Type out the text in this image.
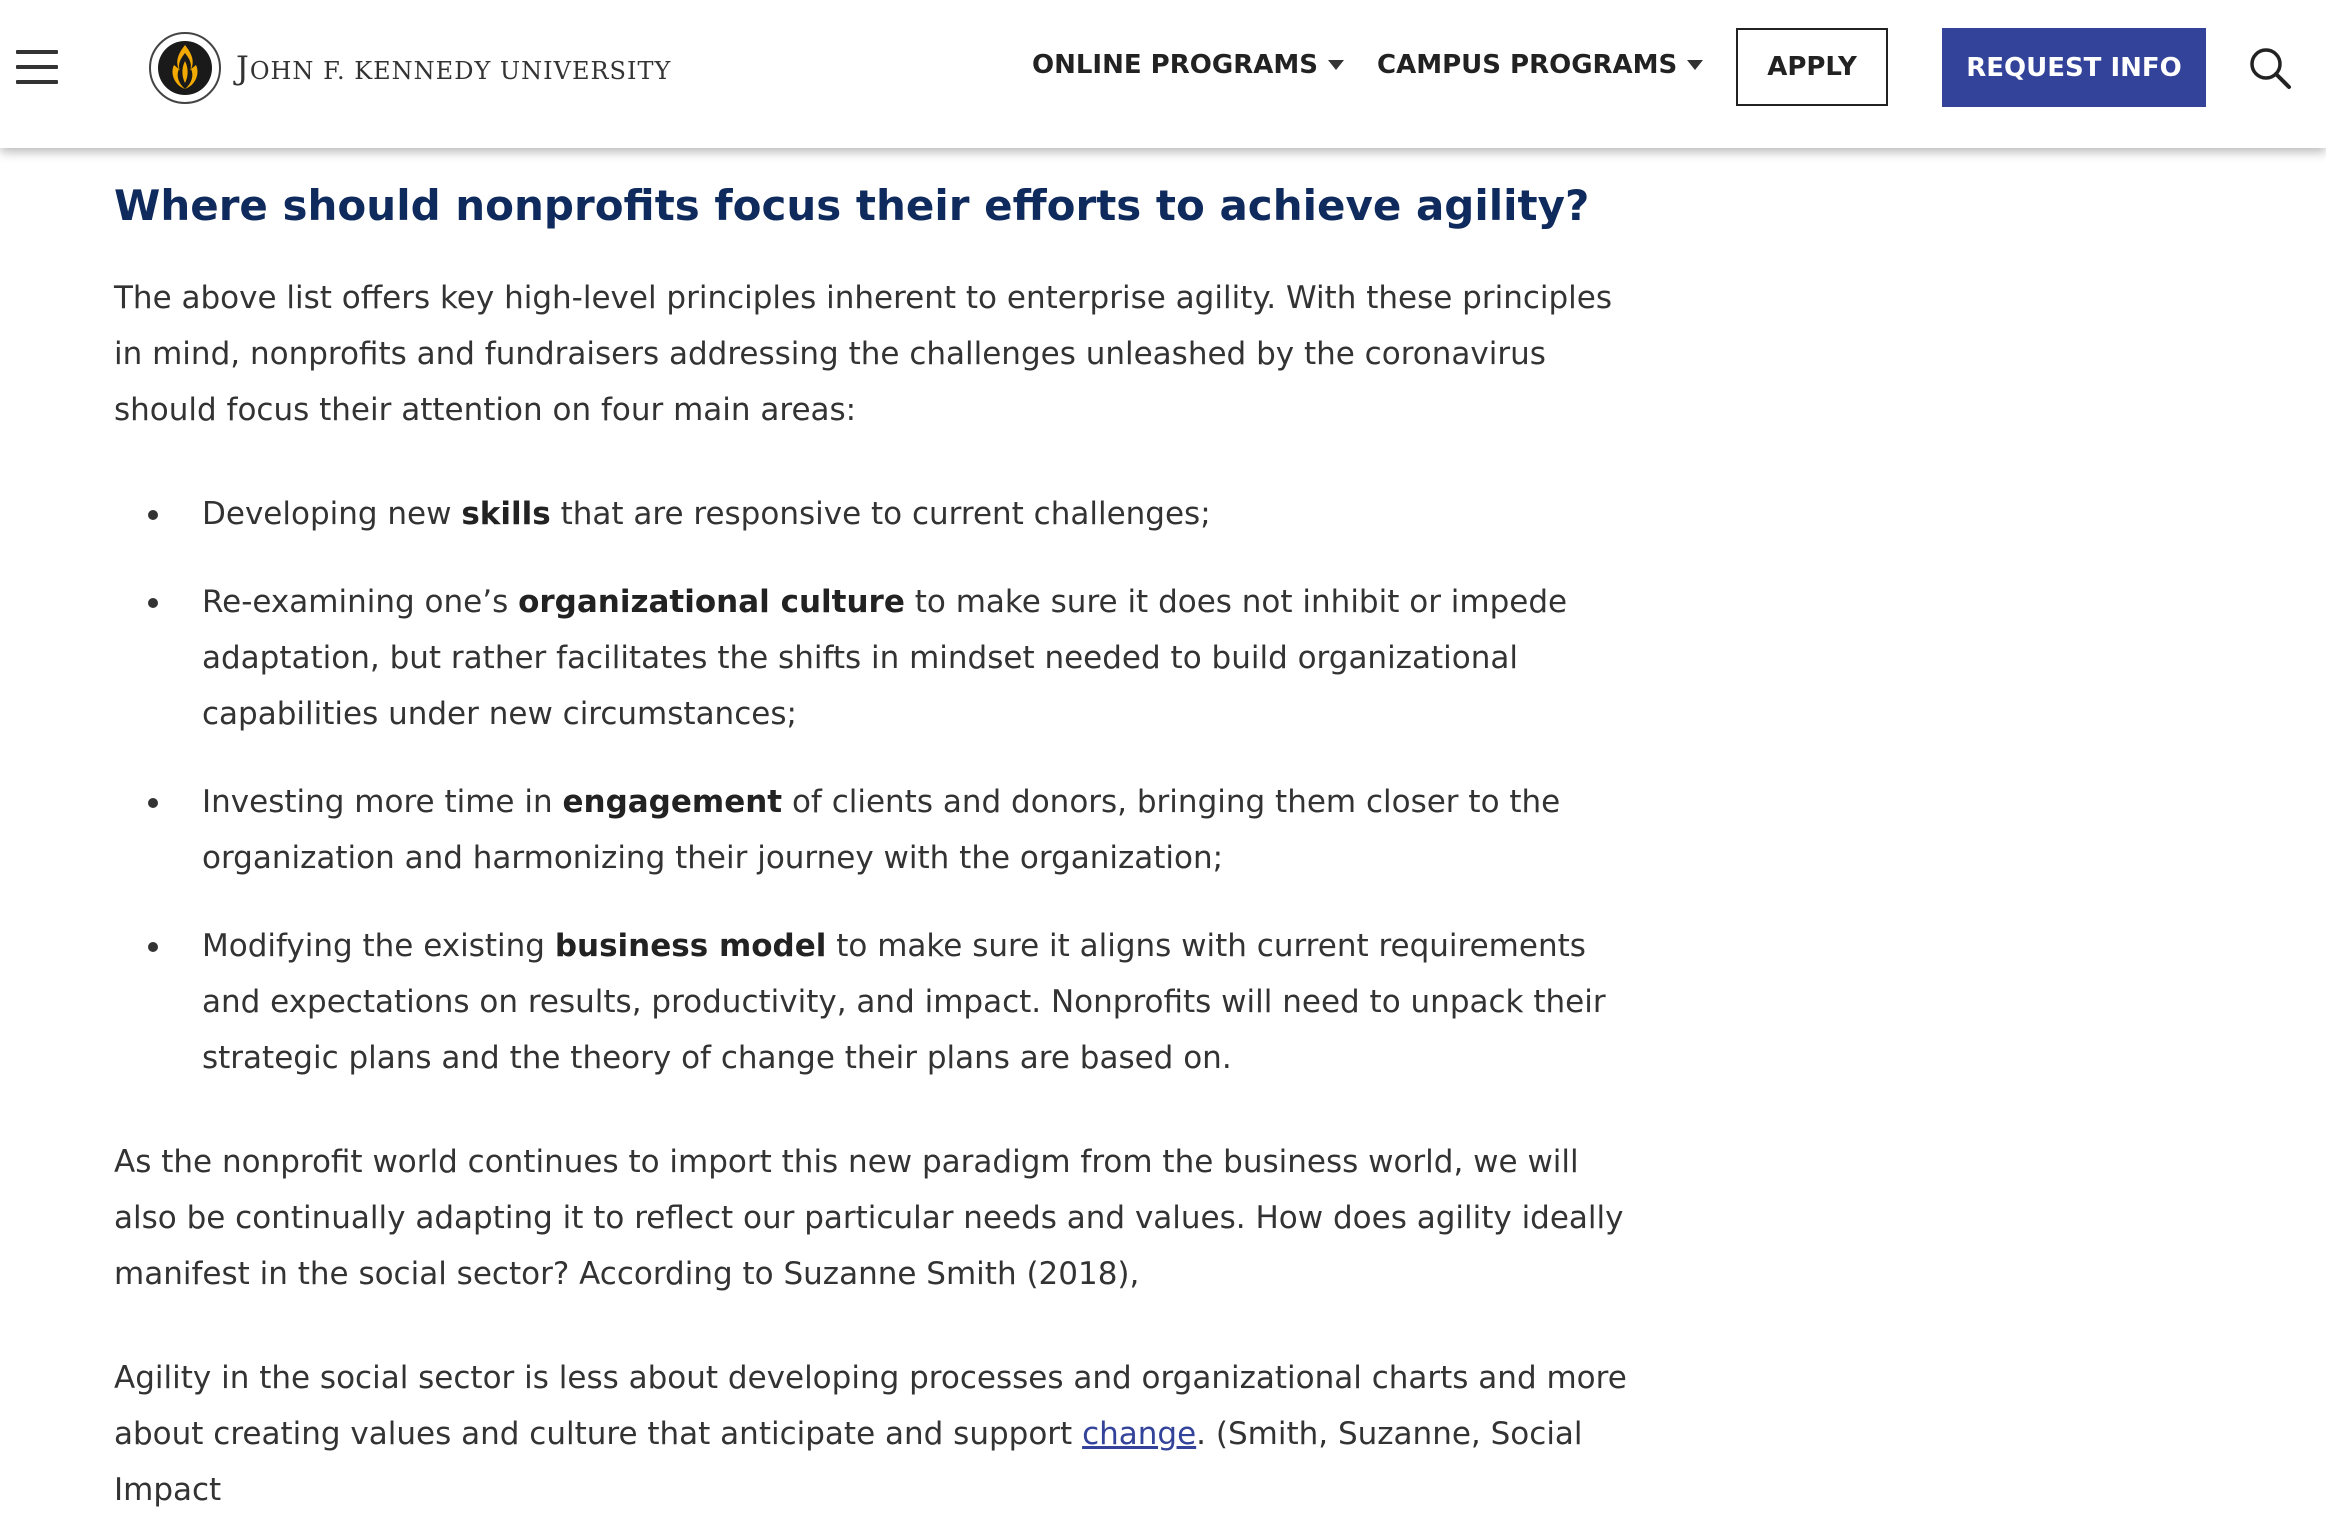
JOHN F. KENNEDY UNIVERSITY	ONLINE PROGRAMS CAMPUS PROGRAMS	APPLY	REQUEST INFO
Where should nonprofits focus their efforts to achieve agility?

The above list offers key high-level principles inherent to enterprise agility. With these principles in mind, nonprofits and fundraisers addressing the challenges unleashed by the coronavirus should focus their attention on four main areas:

Developing new skills that are responsive to current challenges;
Re-examining one’s organizational culture to make sure it does not inhibit or impede adaptation, but rather facilitates the shifts in mindset needed to build organizational capabilities under new circumstances;
Investing more time in engagement of clients and donors, bringing them closer to the organization and harmonizing their journey with the organization;
Modifying the existing business model to make sure it aligns with current requirements and expectations on results, productivity, and impact. Nonprofits will need to unpack their strategic plans and the theory of change their plans are based on.

As the nonprofit world continues to import this new paradigm from the business world, we will also be continually adapting it to reflect our particular needs and values. How does agility ideally manifest in the social sector? According to Suzanne Smith (2018),

Agility in the social sector is less about developing processes and organizational charts and more about creating values and culture that anticipate and support change. (Smith, Suzanne, Social Impact
